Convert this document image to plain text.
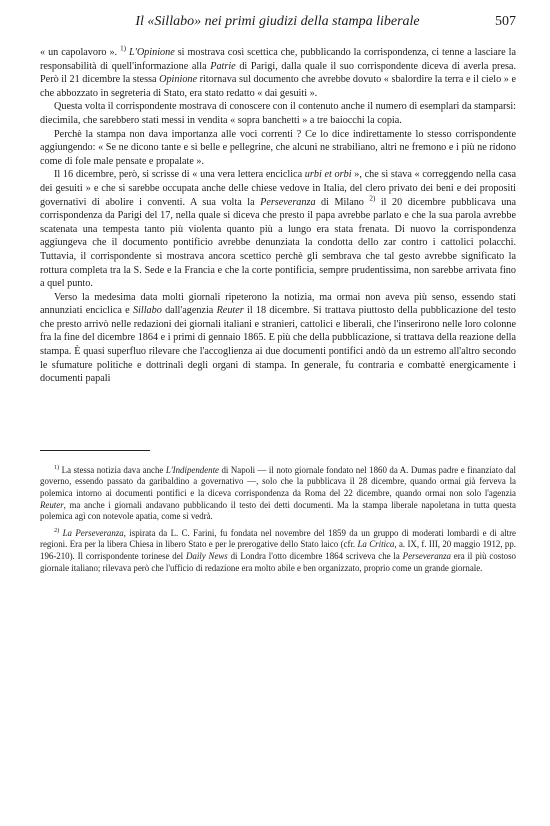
Il «Sillabo» nei primi giudizi della stampa liberale	507

« un capolavoro ». $^{1)}$ L'Opinione si mostrava così scettica che, pubblicando la corrispondenza, ci tenne a lasciare la responsabilità di quell'informazione alla Patrie di Parigi, dalla quale il suo corrispondente diceva di averla presa. Però il 21 dicembre la stessa Opinione ritornava sul documento che avrebbe dovuto « sbalordire la terra e il cielo » e che abbozzato in segreteria di Stato, era stato redatto « dai gesuiti ».

Questa volta il corrispondente mostrava di conoscere con il contenuto anche il numero di esemplari da stamparsi: diecimila, che sarebbero stati messi in vendita « sopra banchetti » a tre baiocchi la copia.

Perchè la stampa non dava importanza alle voci correnti ? Ce lo dice indirettamente lo stesso corrispondente aggiungendo: « Se ne dicono tante e sì belle e pellegrine, che alcuni ne strabiliano, altri ne fremono e i più ne ridono come di fole male pensate e propalate ».

Il 16 dicembre, però, si scrisse di « una vera lettera enciclica urbi et orbi », che si stava « correggendo nella casa dei gesuiti » e che si sarebbe occupata anche delle chiese vedove in Italia, del clero privato dei beni e dei propositi governativi di abolire i conventi. A sua volta la Perseveranza di Milano $^{2)}$ il 20 dicembre pubblicava una corrispondenza da Parigi del 17, nella quale si diceva che presto il papa avrebbe parlato e che la sua parola avrebbe scatenata una tempesta tanto più violenta quanto più a lungo era stata frenata. Di nuovo la corrispondenza aggiungeva che il documento pontificio avrebbe denunziata la condotta dello zar contro i cattolici polacchi. Tuttavia, il corrispondente si mostrava ancora scettico perchè gli sembrava che tal gesto avrebbe significato la rottura completa tra la S. Sede e la Francia e che la corte pontificia, sempre prudentissima, non sarebbe arrivata fino a quel punto.

Verso la medesima data molti giornali ripeterono la notizia, ma ormai non aveva più senso, essendo stati annunziati enciclica e Sillabo dall'agenzia Reuter il 18 dicembre. Si trattava piuttosto della pubblicazione del testo che presto arrivò nelle redazioni dei giornali italiani e stranieri, cattolici e liberali, che l'inserirono nelle loro colonne fra la fine del dicembre 1864 e i primi di gennaio 1865. E più che della pubblicazione, si trattava della reazione della stampa. È quasi superfluo rilevare che l'accoglienza ai due documenti pontifici andò da un estremo all'altro secondo le sfumature politiche e dottrinali degli organi di stampa. In generale, fu contraria e combattè energicamente i documenti papali

$^{1)}$ La stessa notizia dava anche L'Indipendente di Napoli — il noto giornale fondato nel 1860 da A. Dumas padre e finanziato dal governo, essendo passato da garibaldino a governativo —, solo che la pubblicava il 28 dicembre, quando ormai già ferveva la polemica intorno ai documenti pontifici e la diceva corrispondenza da Roma del 22 dicembre, quando ormai non solo l'agenzia Reuter, ma anche i giornali andavano pubblicando il testo dei detti documenti. Ma la stampa liberale napoletana in tutta questa polemica agì con notevole apatia, come si vedrà.

$^{2)}$ La Perseveranza, ispirata da L. C. Farini, fu fondata nel novembre del 1859 da un gruppo di moderati lombardi e di altre regioni. Era per la libera Chiesa in libero Stato e per le prerogative dello Stato laico (cfr. La Critica, a. IX, f. III, 20 maggio 1912, pp. 196-210). Il corrispondente torinese del Daily News di Londra l'otto dicembre 1864 scriveva che la Perseveranza era il più costoso giornale italiano; rilevava però che l'ufficio di redazione era molto abile e ben organizzato, proprio come un grande giornale.
